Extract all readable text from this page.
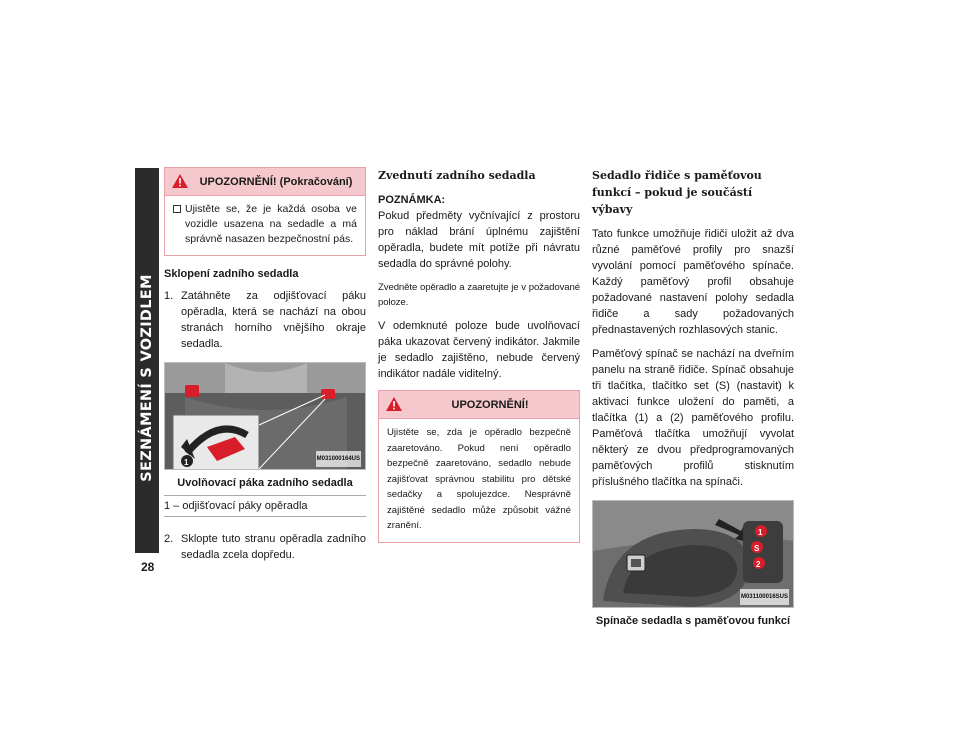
SEZNÁMENÍ S VOZIDLEM
28
UPOZORNĚNÍ! (Pokračování)
Ujistěte se, že je každá osoba ve vozidle usazena na sedadle a má správně nasazen bezpečnostní pás.
Sklopení zadního sedadla
1. Zatáhněte za odjišťovací páku opěradla, která se nachází na obou stranách horního vnějšího okraje sedadla.
M031000164US
1
Uvolňovací páka zadního sedadla
1 – odjišťovací páky opěradla
2. Sklopte tuto stranu opěradla zadního sedadla zcela dopředu.
Zvednutí zadního sedadla

POZNÁMKA:
Pokud předměty vyčnívající z prostoru pro náklad brání úplnému zajištění opěradla, budete mít potíže při návratu sedadla do správné polohy.

Zvedněte opěradlo a zaaretujte je v požadované poloze.

V odemknuté poloze bude uvolňovací páka ukazovat červený indikátor. Jakmile je sedadlo zajištěno, nebude červený indikátor nadále viditelný.

UPOZORNĚNÍ!
Ujistěte se, zda je opěradlo bezpečně zaaretováno. Pokud není opěradlo bezpečně zaaretováno, sedadlo nebude zajišťovat správnou stabilitu pro dětské sedačky a spolujezdce. Nesprávně zajištěné sedadlo může způsobit vážné zranění.
Sedadlo řidiče s paměťovou funkcí – pokud je součástí výbavy

Tato funkce umožňuje řidiči uložit až dva různé paměťové profily pro snazší vyvolání pomocí paměťového spínače. Každý paměťový profil obsahuje požadované nastavení polohy sedadla řidiče a sady požadovaných přednastavených rozhlasových stanic.

Paměťový spínač se nachází na dveřním panelu na straně řidiče. Spínač obsahuje tři tlačítka, tlačítko set (S) (nastavit) k aktivaci funkce uložení do paměti, a tlačítka (1) a (2) paměťového profilu. Paměťová tlačítka umožňují vyvolat některý ze dvou předprogramovaných paměťových profilů stisknutím příslušného tlačítka na spínači.

1
S
2
M031100016SUS
Spínače sedadla s paměťovou funkcí
